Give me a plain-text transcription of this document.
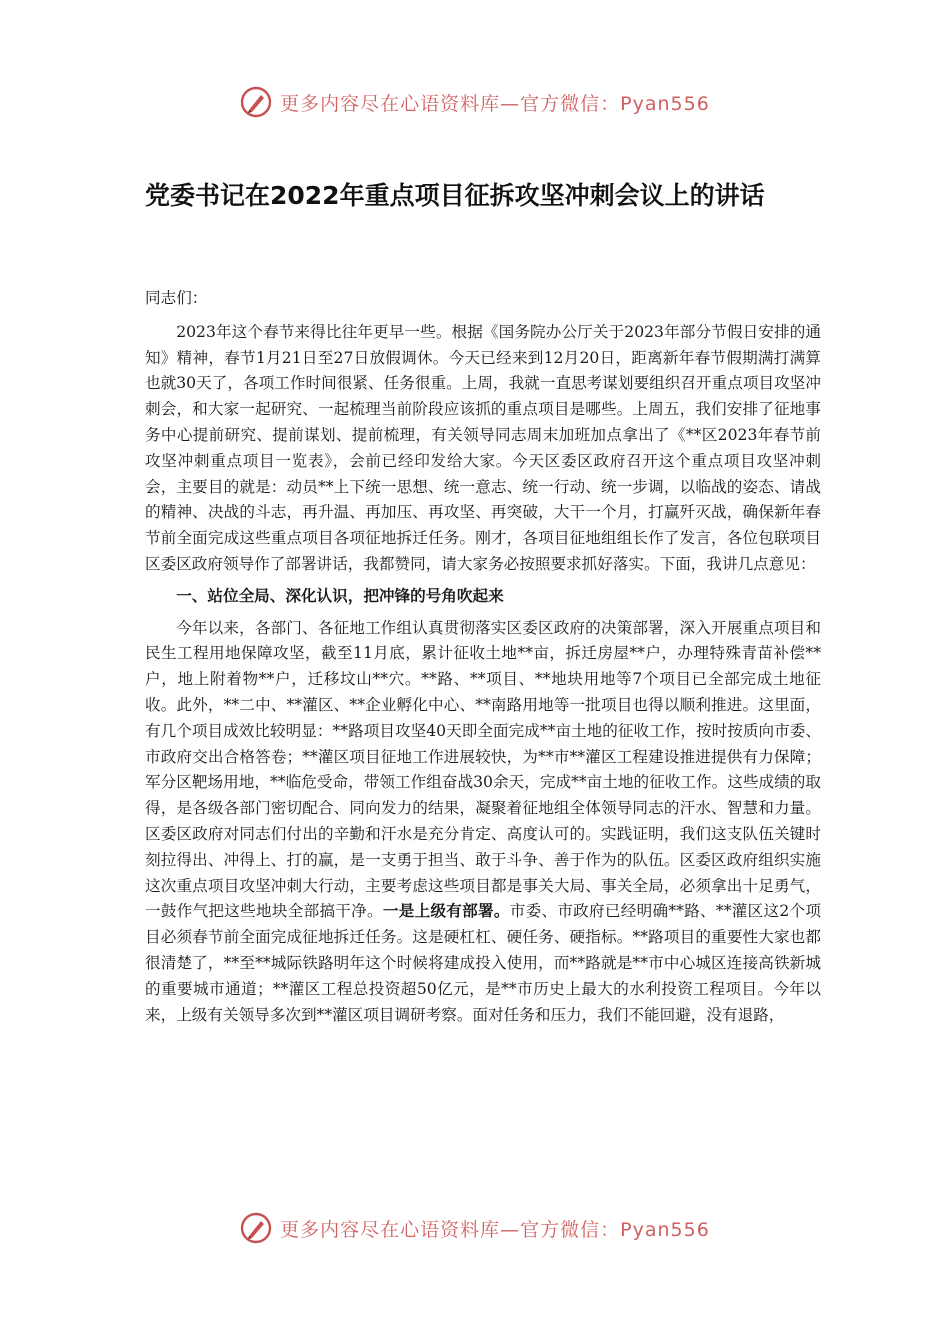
更多内容尽在心语资料库—官方微信：Pyan556
党委书记在2022年重点项目征拆攻坚冲刺会议上的讲话

同志们：

2023年这个春节来得比往年更早一些。根据《国务院办公厅关于2023年部分节假日安排的通知》精神，春节1月21日至27日放假调休。今天已经来到12月20日，距离新年春节假期满打满算也就30天了，各项工作时间很紧、任务很重。上周，我就一直思考谋划要组织召开重点项目攻坚冲刺会，和大家一起研究、一起梳理当前阶段应该抓的重点项目是哪些。上周五，我们安排了征地事务中心提前研究、提前谋划、提前梳理，有关领导同志周末加班加点拿出了《**区2023年春节前攻坚冲刺重点项目一览表》，会前已经印发给大家。今天区委区政府召开这个重点项目攻坚冲刺会，主要目的就是：动员**上下统一思想、统一意志、统一行动、统一步调，以临战的姿态、请战的精神、决战的斗志，再升温、再加压、再攻坚、再突破，大干一个月，打赢歼灭战，确保新年春节前全面完成这些重点项目各项征地拆迁任务。刚才，各项目征地组组长作了发言，各位包联项目区委区政府领导作了部署讲话，我都赞同，请大家务必按照要求抓好落实。下面，我讲几点意见：

一、站位全局、深化认识，把冲锋的号角吹起来

今年以来，各部门、各征地工作组认真贯彻落实区委区政府的决策部署，深入开展重点项目和民生工程用地保障攻坚，截至11月底，累计征收土地**亩，拆迁房屋**户，办理特殊青苗补偿**户，地上附着物**户，迁移坟山**穴。**路、**项目、**地块用地等7个项目已全部完成土地征收。此外，**二中、**灌区、**企业孵化中心、**南路用地等一批项目也得以顺利推进。这里面，有几个项目成效比较明显：**路项目攻坚40天即全面完成**亩土地的征收工作，按时按质向市委、市政府交出合格答卷；**灌区项目征地工作进展较快，为**市**灌区工程建设推进提供有力保障；军分区靶场用地，**临危受命，带领工作组奋战30余天，完成**亩土地的征收工作。这些成绩的取得，是各级各部门密切配合、同向发力的结果，凝聚着征地组全体领导同志的汗水、智慧和力量。区委区政府对同志们付出的辛勤和汗水是充分肯定、高度认可的。实践证明，我们这支队伍关键时刻拉得出、冲得上、打的赢，是一支勇于担当、敢于斗争、善于作为的队伍。区委区政府组织实施这次重点项目攻坚冲刺大行动，主要考虑这些项目都是事关大局、事关全局，必须拿出十足勇气，一鼓作气把这些地块全部搞干净。一是上级有部署。市委、市政府已经明确**路、**灌区这2个项目必须春节前全面完成征地拆迁任务。这是硬杠杠、硬任务、硬指标。**路项目的重要性大家也都很清楚了，**至**城际铁路明年这个时候将建成投入使用，而**路就是**市中心城区连接高铁新城的重要城市通道；**灌区工程总投资超50亿元，是**市历史上最大的水利投资工程项目。今年以来，上级有关领导多次到**灌区项目调研考察。面对任务和压力，我们不能回避，没有退路，

更多内容尽在心语资料库—官方微信：Pyan556
